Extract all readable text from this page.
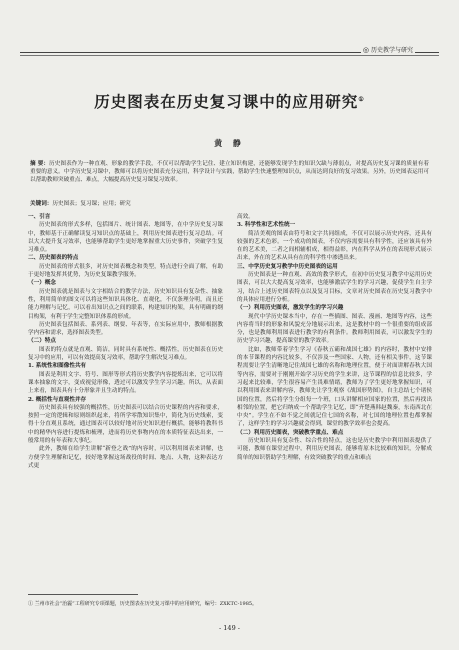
◎ 历史教学与研究
历史图表在历史复习课中的应用研究①
黄 静
摘 要：历史图表作为一种直观、形象的教学手段，不仅可以帮助学生记住、建立知识构建，还能够发现学生的知识欠缺与薄弱点，对提高历史复习课的质量有着重要的意义。中学历史复习课中，教师可以将历史图表充分运用，科学设计与实践，帮助学生快速整理知识点，从而达到良好的复习效果。另外，历史图表运用可以帮助教师突破重点、难点，大幅提高历史复习课复习效率。
关键词：历史图表；复习课；应用；研究

一、引言

历史图表的形式多样，包括图片、统计图表、地图等，在中学历史复习课中，教师基于正确解读复习知识点的基础上，利用历史图表进行复习总结。可以大大提升复习效率，也能够帮助学生更好地掌握重大历史事件，突破学生复习难点。

二、历史图表的特点

历史图表的形式很多，对历史图表概念和类型，特点进行全面了解，有助于更好地发挥其优势，为历史复课教学服务。

（一）概念

历史图表就是图表与文字相结合的教学方法，历史知识具有复杂性、抽象性，利用简单的图文可以将这些知识具体化、直观化，不仅条理分明，而且还能力理解与记忆，可以看出知识点之间的联系，构建知识构架，具有明确的纲目构架，有利于学生完整知识体系的形成。

历史图表包括图表、系列表、纲要、年表等，在实际应用中，教师根据教学内容和需求，选择图表类型。

（二）特点

图表的特点就是直观、简洁，同时具有系统性、概括性，历史图表在历史复习中的应用，可以有效提高复习效率，帮助学生解决复习难点。

1. 系统性和图像性共有

图表是利用文字、符号、图形等形式将历史教学内容提炼出来，它可以将课本抽象的文字，变成视觉形像，透过可以激发学生学习兴趣。所以，从表面上来看，图表具有十分形象并且生动的特点。

2. 概括性与直观性并存

历史图表具有较强的概括性，历史图表可以结合历史课程的内容和要求，按照一定的逻辑和原则组织起来，将所学零散知识集中，简化为历史线索，变得十分直观且系统，通过图表可以较好地对历史知识进行概括，能够将教科书中的精华内容进行提炼和梳理，进而将历史事物内在的本质特征表达出来，一般常用的有年表和大事纪。

此外，教师在给学生讲解“新登之战”的内容时，可以利用图表来讲解，也方便学生理解和记忆，较好地掌握这场战役的时间、地点、人物，这种表达方式更

高效。

3. 科学性和艺术性统一

简洁美观的图表由符号和文字共同组成，不仅可以展示历史内容，还具有较强的艺术色彩。一个成功的图表，不仅内容需要具有科学性，还应该具有外在的艺术美，二者之间相辅相成，相得益彰，内在科学从外在的表现形式展示出来，外在的艺术从具有在的科学性中渗透出来。

三、中学历史复习教学中历史图表的运用

历史图表是一种直观、高效的教学形式，在初中历史复习教学中运用历史图表，可以大大提高复习效率，也能够激活学生的学习兴趣，促使学生自主学习，结合上述历史图表特点以及复习目标，文章对历史图表在历史复习教学中的具体应用进行分析。

（一）利用历史图表，激发学生的学习兴趣

现代中学历史课本当中，存在一些插图、图表、漫画、地图等内容，这些内容将当时的形象和风貌充分地展示出来，这是教材中的一个很重要的组成部分，也是教师利用图表进行教学的有利条件。教师利用图表，可以激发学生的历史学习兴趣，提高课堂的教学效率。

比如，教师带着学生学习《春秋五霸和战国七雄》的内容时，教材中安排的本节课程的内容比较多，不仅涉及一些国家、人物，还有相关事件，这节课程需要让学生清晰地记住战国七雄的名称和地理位置，便于对面讲解春秋大国等内容，需要对于刚刚开始学习历史的学生来讲，这节课程的信息比较多，学习起来比较难，学生很容易产生畏难情绪，教师为了学生更好地掌握知识，可以利用图表来讲解内容，教师先让学生观察《战国形势图》，自主总结七个诸侯国的位置，然后将学生分组每一个班，口头讲解相应国家的位置，然后再找出相邻的位置，把它归纳成一个帮助学生记忆，即“齐楚燕韩赵魏秦，东南西北在中央”。学生在不如不觉之间就记住七国的名称，对七国的地理位置也都掌握了，这样学生的学习兴趣就会得到，课堂的教学效率也会提高。

（二）利用历史图表，突破教学重点、难点

历史知识具有复杂性、综合性的特点，这也是历史教学中利用图表提供了可能，教师在课堂过程中，利用历史图表，能够将原本比较难的知识，分解成简单的知识帮助学生理解，有效突破教学的重点和难点

① 兰州市社会“治霾”工程研究专项课题，历史图表在历史复习课中的应用研究，编号：ZXKTC-1985。
- 149 -
